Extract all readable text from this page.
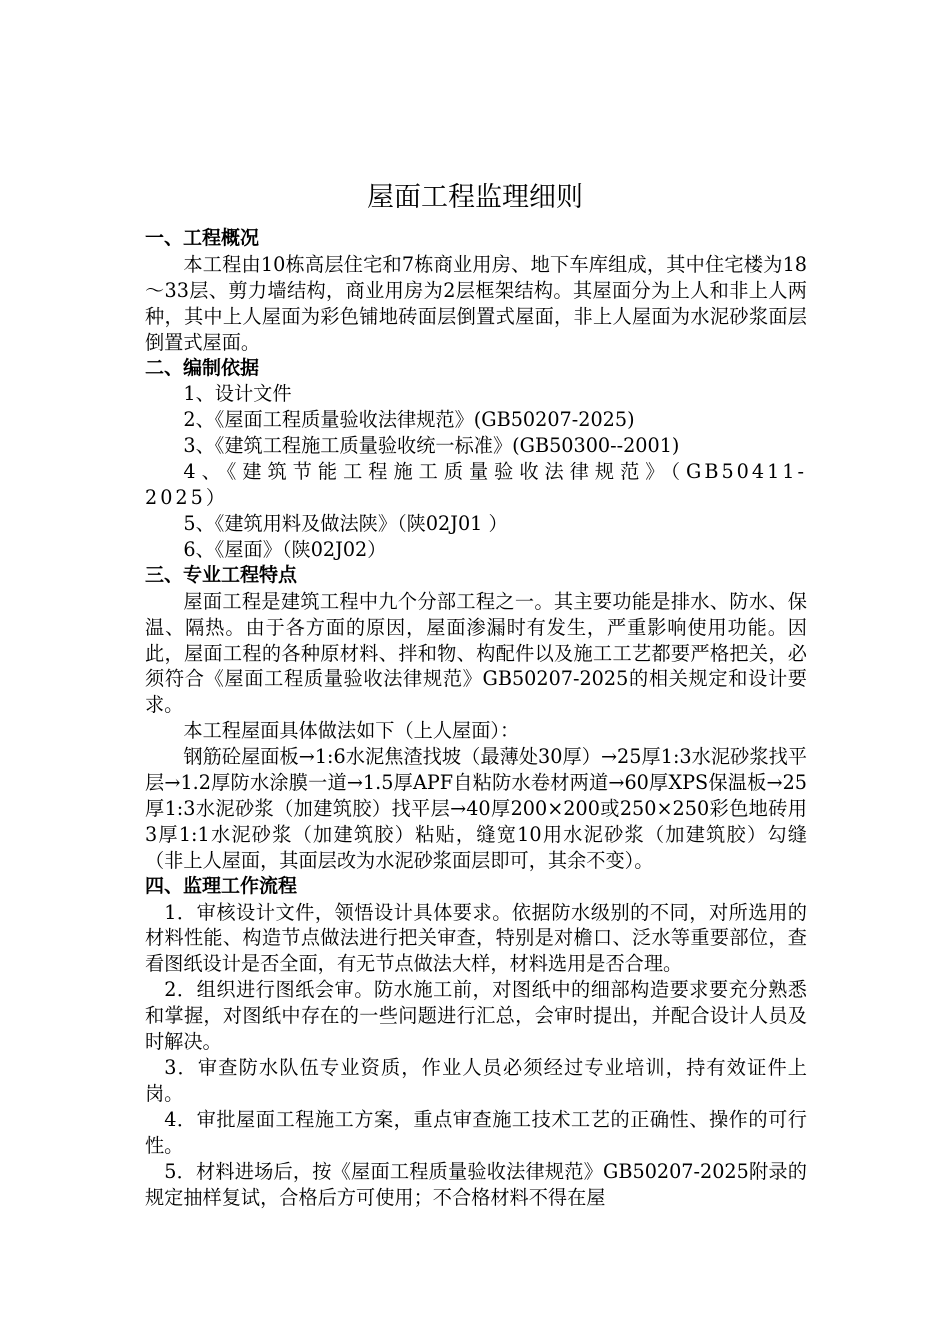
屋面工程监理细则

一、工程概况

本工程由10栋高层住宅和7栋商业用房、地下车库组成，其中住宅楼为18～33层、剪力墙结构，商业用房为2层框架结构。其屋面分为上人和非上人两种，其中上人屋面为彩色铺地砖面层倒置式屋面，非上人屋面为水泥砂浆面层倒置式屋面。

二、编制依据

1、设计文件

2、《屋面工程质量验收法律规范》(GB50207-2025)

3、《建筑工程施工质量验收统一标准》(GB50300--2001)

4、《建筑节能工程施工质量验收法律规范》（GB50411-2025）

5、《建筑用料及做法陕》（陕02J01 ）

6、《屋面》（陕02J02）

三、专业工程特点

屋面工程是建筑工程中九个分部工程之一。其主要功能是排水、防水、保温、隔热。由于各方面的原因，屋面渗漏时有发生，严重影响使用功能。因此，屋面工程的各种原材料、拌和物、构配件以及施工工艺都要严格把关，必须符合《屋面工程质量验收法律规范》GB50207-2025的相关规定和设计要求。

本工程屋面具体做法如下（上人屋面）：

钢筋砼屋面板→1:6水泥焦渣找坡（最薄处30厚）→25厚1:3水泥砂浆找平层→1.2厚防水涂膜一道→1.5厚APF自粘防水卷材两道→60厚XPS保温板→25厚1:3水泥砂浆（加建筑胶）找平层→40厚200×200或250×250彩色地砖用3厚1:1水泥砂浆（加建筑胶）粘贴，缝宽10用水泥砂浆（加建筑胶）勾缝（非上人屋面，其面层改为水泥砂浆面层即可，其余不变）。

四、监理工作流程

1．审核设计文件，领悟设计具体要求。依据防水级别的不同，对所选用的材料性能、构造节点做法进行把关审查，特别是对檐口、泛水等重要部位，查看图纸设计是否全面，有无节点做法大样，材料选用是否合理。

2．组织进行图纸会审。防水施工前，对图纸中的细部构造要求要充分熟悉和掌握，对图纸中存在的一些问题进行汇总，会审时提出，并配合设计人员及时解决。

3．审查防水队伍专业资质，作业人员必须经过专业培训，持有效证件上岗。

4．审批屋面工程施工方案，重点审查施工技术工艺的正确性、操作的可行性。

5．材料进场后，按《屋面工程质量验收法律规范》GB50207-2025附录的规定抽样复试，合格后方可使用；不合格材料不得在屋
